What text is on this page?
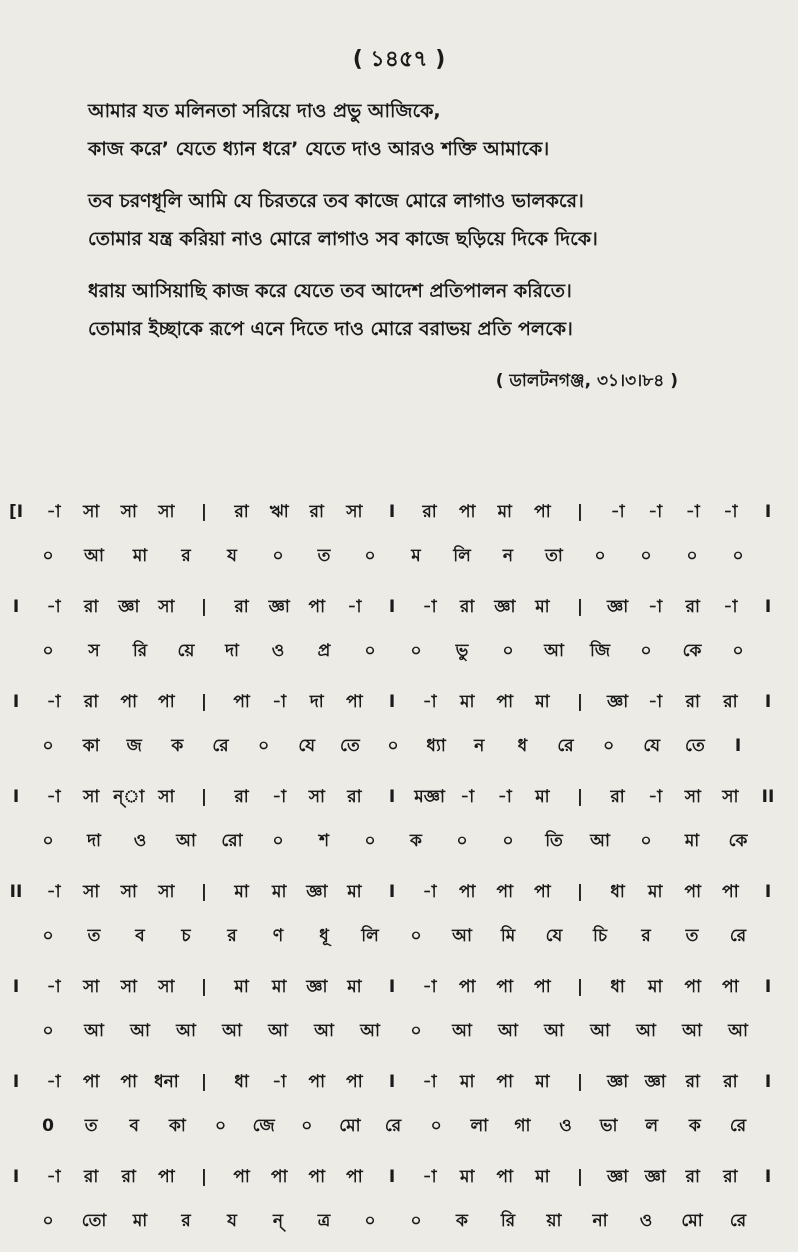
( ১৪৫৭ )
আমার যত মলিনতা সরিয়ে দাও প্রভু আজিকে,
কাজ করে’ যেতে ধ্যান ধরে’ যেতে দাও আরও শক্তি আমাকে।
তব চরণধূলি আমি যে চিরতরে তব কাজে মোরে লাগাও ভালকরে।
তোমার যন্ত্র করিয়া নাও মোরে লাগাও সব কাজে ছড়িয়ে দিকে দিকে।
ধরায় আসিয়াছি কাজ করে যেতে তব আদেশ প্রতিপালন করিতে।
তোমার ইচ্ছাকে রূপে এনে দিতে দাও মোরে বরাভয় প্রতি পলকে।
( ডালটনগঞ্জ, ৩১।৩।৮৪ )
[I -া সা সা সা | রা ঋা রা সা I রা পা মা পা | -া -া -া -া I
০ আ মা র য ০ ত ০ ম লি ন তা ০ ০ ০ ০
I -া রা জ্ঞা সা | রা জ্ঞা পা -া I -া রা জ্ঞা মা | জ্ঞা -া রা -া I
০ স রি য়ে দা ও প্র ০ ০ ভু ০ আ জি ০ কে ০
I -া রা পা পা | পা -া দা পা I -া মা পা মা | জ্ঞা -া রা রা I
০ কা জ ক রে ০ যে তে ০ ধ্যা ন ধ রে ০ যে তে I
I -া সা ন্‌া সা | রা -া সা রা I মজ্ঞা -া -া মা | রা -া সা সা II
০ দা ও আ রো ০ শ ০ ক ০ ০ তি আ ০ মা কে
II -া সা সা সা | মা মা জ্ঞা মা I -া পা পা পা | ধা মা পা পা I
০ ত ব চ র ণ ধূ লি ০ আ মি যে চি র ত রে
I -া সা সা সা | মা মা জ্ঞা মা I -া পা পা পা | ধা মা পা পা I
০ আ আ আ আ আ আ আ ০ আ আ আ আ আ আ আ
I -া পা পা ধনা | ধা -া পা পা I -া মা পা মা | জ্ঞা জ্ঞা রা রা I
0 ত ব কা ০ জে ০ মো রে ০ লা গা ও ভা ল ক রে
I -া রা রা পা | পা পা পা পা I -া মা পা মা | জ্ঞা জ্ঞা রা রা I
০ তো মা র য ন্‌ ত্র ০ ০ ক রি য়া না ও মো রে
